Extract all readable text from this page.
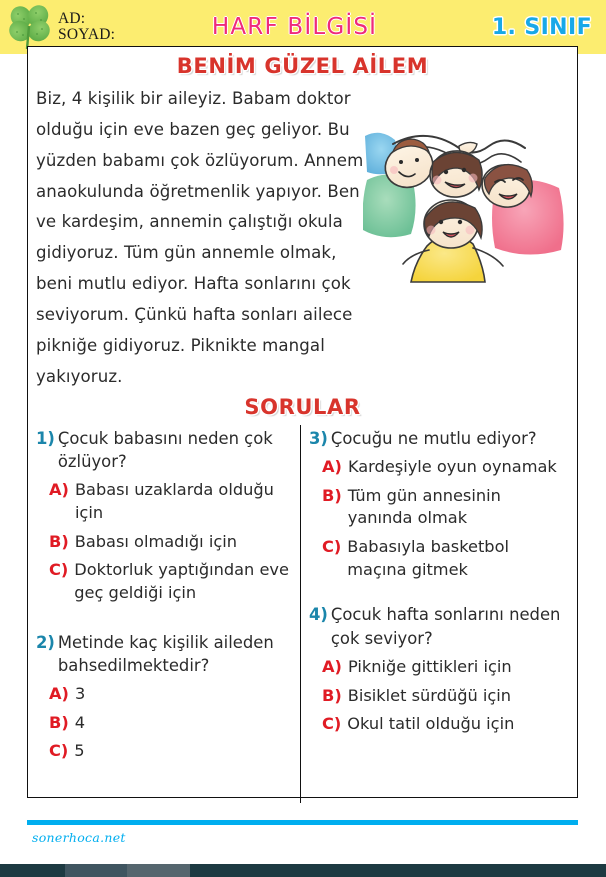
AD:
SOYAD:	HARF BİLGİSİ	1. SINIF
BENİM GÜZEL AİLEM
Biz, 4 kişilik bir aileyiz. Babam doktor olduğu için eve bazen geç geliyor. Bu yüzden babamı çok özlüyorum. Annem anaokulunda öğretmenlik yapıyor. Ben ve kardeşim, annemin çalıştığı okula gidiyoruz. Tüm gün annemle olmak, beni mutlu ediyor. Hafta sonlarını çok seviyorum. Çünkü hafta sonları ailece pikniğe gidiyoruz. Piknikte mangal yakıyoruz.
SORULAR
1) Çocuk babasını neden çok özlüyor?
A) Babası uzaklarda olduğu için
B) Babası olmadığı için
C) Doktorluk yaptığından eve geç geldiği için
2) Metinde kaç kişilik aileden bahsedilmektedir?
A) 3
B) 4
C) 5
3) Çocuğu ne mutlu ediyor?
A) Kardeşiyle oyun oynamak
B) Tüm gün annesinin yanında olmak
C) Babasıyla basketbol maçına gitmek
4) Çocuk hafta sonlarını neden çok seviyor?
A) Pikniğe gittikleri için
B) Bisiklet sürdüğü için
C) Okul tatil olduğu için
sonerhoca.net
